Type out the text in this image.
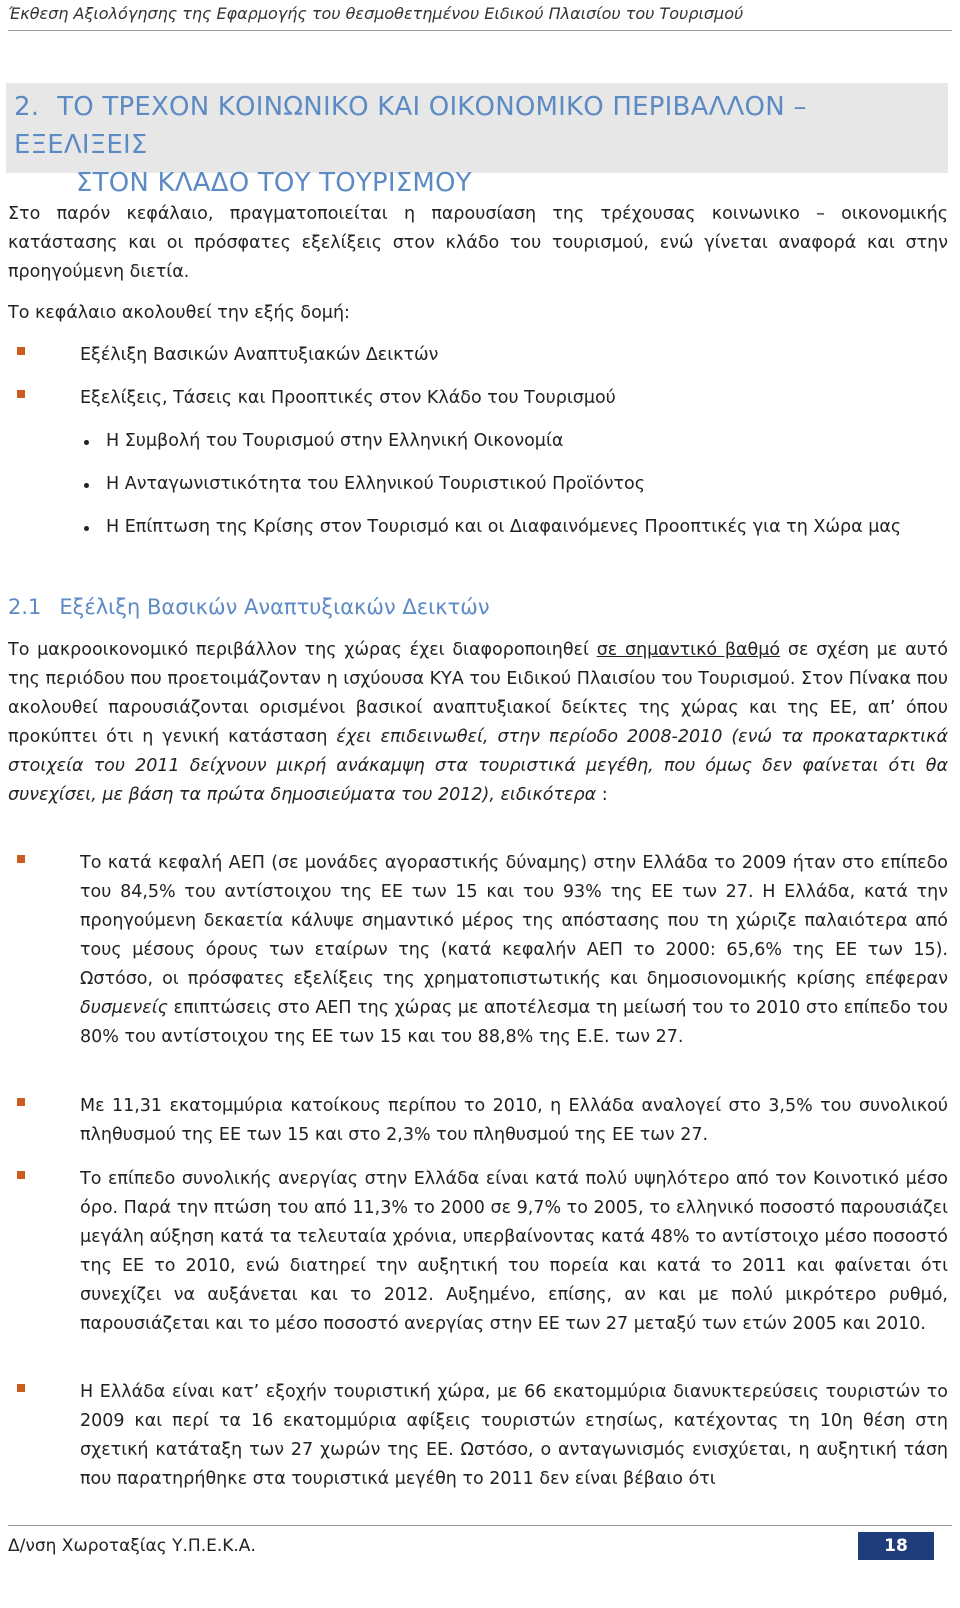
Έκθεση Αξιολόγησης της Εφαρμογής του θεσμοθετημένου Ειδικού Πλαισίου του Τουρισμού
2. ΤΟ ΤΡΕΧΟΝ ΚΟΙΝΩΝΙΚΟ ΚΑΙ ΟΙΚΟΝΟΜΙΚΟ ΠΕΡΙΒΑΛΛΟΝ – ΕΞΕΛΙΞΕΙΣ
ΣΤΟΝ ΚΛΑΔΟ ΤΟΥ ΤΟΥΡΙΣΜΟΥ
Στο παρόν κεφάλαιο, πραγματοποιείται η παρουσίαση της τρέχουσας κοινωνικο – οικονομικής κατάστασης και οι πρόσφατες εξελίξεις στον κλάδο του τουρισμού, ενώ γίνεται αναφορά και στην προηγούμενη διετία.
Το κεφάλαιο ακολουθεί την εξής δομή:
Εξέλιξη Βασικών Αναπτυξιακών Δεικτών
Εξελίξεις, Τάσεις και Προοπτικές στον Κλάδο του Τουρισμού
Η Συμβολή του Τουρισμού στην Ελληνική Οικονομία
Η Ανταγωνιστικότητα του Ελληνικού Τουριστικού Προϊόντος
Η Επίπτωση της Κρίσης στον Τουρισμό και οι Διαφαινόμενες Προοπτικές για τη Χώρα μας
2.1 Εξέλιξη Βασικών Αναπτυξιακών Δεικτών
Το μακροοικονομικό περιβάλλον της χώρας έχει διαφοροποιηθεί σε σημαντικό βαθμό σε σχέση με αυτό της περιόδου που προετοιμάζονταν η ισχύουσα ΚΥΑ του Ειδικού Πλαισίου του Τουρισμού. Στον Πίνακα που ακολουθεί παρουσιάζονται ορισμένοι βασικοί αναπτυξιακοί δείκτες της χώρας και της ΕΕ, απ’ όπου προκύπτει ότι η γενική κατάσταση έχει επιδεινωθεί, στην περίοδο 2008-2010 (ενώ τα προκαταρκτικά στοιχεία του 2011 δείχνουν μικρή ανάκαμψη στα τουριστικά μεγέθη, που όμως δεν φαίνεται ότι θα συνεχίσει, με βάση τα πρώτα δημοσιεύματα του 2012), ειδικότερα :
Το κατά κεφαλή ΑΕΠ (σε μονάδες αγοραστικής δύναμης) στην Ελλάδα το 2009 ήταν στο επίπεδο του 84,5% του αντίστοιχου της ΕΕ των 15 και του 93% της ΕΕ των 27. Η Ελλάδα, κατά την προηγούμενη δεκαετία κάλυψε σημαντικό μέρος της απόστασης που τη χώριζε παλαιότερα από τους μέσους όρους των εταίρων της (κατά κεφαλήν ΑΕΠ το 2000: 65,6% της ΕΕ των 15). Ωστόσο, οι πρόσφατες εξελίξεις της χρηματοπιστωτικής και δημοσιονομικής κρίσης επέφεραν δυσμενείς επιπτώσεις στο ΑΕΠ της χώρας με αποτέλεσμα τη μείωσή του το 2010 στο επίπεδο του 80% του αντίστοιχου της ΕΕ των 15 και του 88,8% της Ε.Ε. των 27.
Με 11,31 εκατομμύρια κατοίκους περίπου το 2010, η Ελλάδα αναλογεί στο 3,5% του συνολικού πληθυσμού της ΕΕ των 15 και στο 2,3% του πληθυσμού της ΕΕ των 27.
Το επίπεδο συνολικής ανεργίας στην Ελλάδα είναι κατά πολύ υψηλότερο από τον Κοινοτικό μέσο όρο. Παρά την πτώση του από 11,3% το 2000 σε 9,7% το 2005, το ελληνικό ποσοστό παρουσιάζει μεγάλη αύξηση κατά τα τελευταία χρόνια, υπερβαίνοντας κατά 48% το αντίστοιχο μέσο ποσοστό της ΕΕ το 2010, ενώ διατηρεί την αυξητική του πορεία και κατά το 2011 και φαίνεται ότι συνεχίζει να αυξάνεται και το 2012. Αυξημένο, επίσης, αν και με πολύ μικρότερο ρυθμό, παρουσιάζεται και το μέσο ποσοστό ανεργίας στην ΕΕ των 27 μεταξύ των ετών 2005 και 2010.
Η Ελλάδα είναι κατ’ εξοχήν τουριστική χώρα, με 66 εκατομμύρια διανυκτερεύσεις τουριστών το 2009 και περί τα 16 εκατομμύρια αφίξεις τουριστών ετησίως, κατέχοντας τη 10η θέση στη σχετική κατάταξη των 27 χωρών της ΕΕ. Ωστόσο, ο ανταγωνισμός ενισχύεται, η αυξητική τάση που παρατηρήθηκε στα τουριστικά μεγέθη το 2011 δεν είναι βέβαιο ότι
Δ/νση Χωροταξίας Υ.Π.Ε.Κ.Α.	18
